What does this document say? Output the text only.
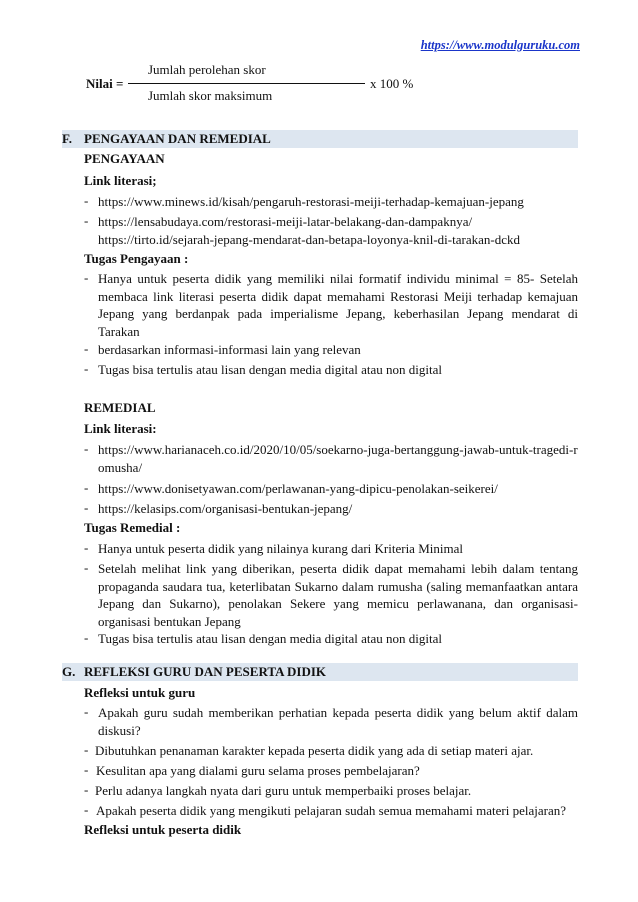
https://www.modulguruku.com
Nilai =
Jumlah perolehan skor
Jumlah skor maksimum
x 100 %
F. PENGAYAAN DAN REMEDIAL
PENGAYAAN
Link literasi;
- https://www.minews.id/kisah/pengaruh-restorasi-meiji-terhadap-kemajuan-jepang
- https://lensabudaya.com/restorasi-meiji-latar-belakang-dan-dampaknya/
https://tirto.id/sejarah-jepang-mendarat-dan-betapa-loyonya-knil-di-tarakan-dckd
Tugas Pengayaan :
- Hanya untuk peserta didik yang memiliki nilai formatif individu minimal = 85- Setelah membaca link literasi peserta didik dapat memahami Restorasi Meiji terhadap kemajuan Jepang yang berdanpak pada imperialisme Jepang, keberhasilan Jepang mendarat di Tarakan
- berdasarkan informasi-informasi lain yang relevan
- Tugas bisa tertulis atau lisan dengan media digital atau non digital
REMEDIAL
Link literasi:
- https://www.harianaceh.co.id/2020/10/05/soekarno-juga-bertanggung-jawab-untuk-tragedi-romusha/
- https://www.donisetyawan.com/perlawanan-yang-dipicu-penolakan-seikerei/
- https://kelasips.com/organisasi-bentukan-jepang/
Tugas Remedial :
- Hanya untuk peserta didik yang nilainya kurang dari Kriteria Minimal
- Setelah melihat link yang diberikan, peserta didik dapat memahami lebih dalam tentang propaganda saudara tua, keterlibatan Sukarno dalam rumusha (saling memanfaatkan antara Jepang dan Sukarno), penolakan Sekere yang memicu perlawanana, dan organisasi-organisasi bentukan Jepang
- Tugas bisa tertulis atau lisan dengan media digital atau non digital
G. REFLEKSI GURU DAN PESERTA DIDIK
Refleksi untuk guru
- Apakah guru sudah memberikan perhatian kepada peserta didik yang belum aktif dalam diskusi?
- Dibutuhkan penanaman karakter kepada peserta didik yang ada di setiap materi ajar.
- Kesulitan apa yang dialami guru selama proses pembelajaran?
- Perlu adanya langkah nyata dari guru untuk memperbaiki proses belajar.
- Apakah peserta didik yang mengikuti pelajaran sudah semua memahami materi pelajaran?
Refleksi untuk peserta didik
